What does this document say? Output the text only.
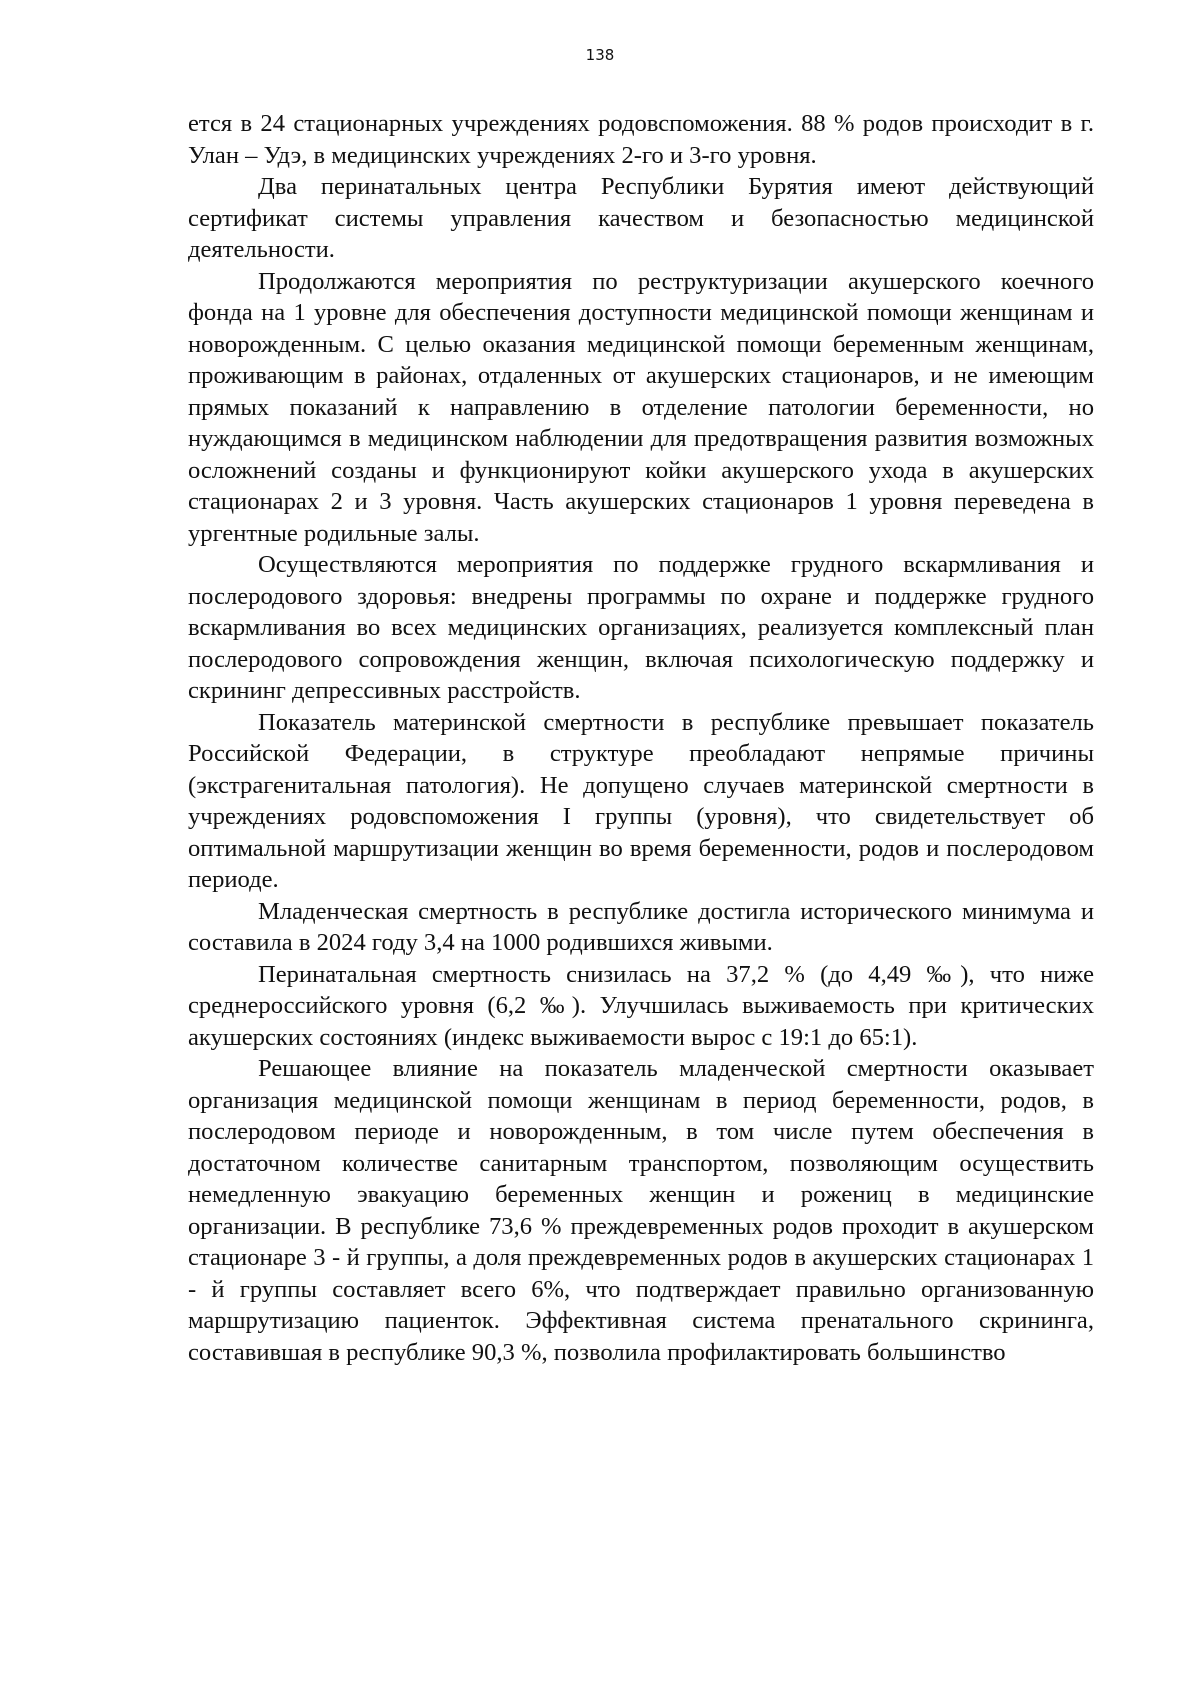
138

ется в 24 стационарных учреждениях родовспоможения. 88 % родов происходит в г. Улан – Удэ, в медицинских учреждениях 2-го и 3-го уровня.

Два перинатальных центра Республики Бурятия имеют действующий сертификат системы управления качеством и безопасностью медицинской деятельности.

Продолжаются мероприятия по реструктуризации акушерского коечного фонда на 1 уровне для обеспечения доступности медицинской помощи женщинам и новорожденным. С целью оказания медицинской помощи беременным женщинам, проживающим в районах, отдаленных от акушерских стационаров, и не имеющим прямых показаний к направлению в отделение патологии беременности, но нуждающимся в медицинском наблюдении для предотвращения развития возможных осложнений созданы и функционируют койки акушерского ухода в акушерских стационарах 2 и 3 уровня. Часть акушерских стационаров 1 уровня переведена в ургентные родильные залы.

Осуществляются мероприятия по поддержке грудного вскармливания и послеродового здоровья: внедрены программы по охране и поддержке грудного вскармливания во всех медицинских организациях, реализуется комплексный план послеродового сопровождения женщин, включая психологическую поддержку и скрининг депрессивных расстройств.

Показатель материнской смертности в республике превышает показатель Российской Федерации, в структуре преобладают непрямые причины (экстрагенитальная патология). Не допущено случаев материнской смертности в учреждениях родовспоможения I группы (уровня), что свидетельствует об оптимальной маршрутизации женщин во время беременности, родов и послеродовом периоде.

Младенческая смертность в республике достигла исторического минимума и составила в 2024 году 3,4 на 1000 родившихся живыми.

Перинатальная смертность снизилась на 37,2 % (до 4,49 ‰), что ниже среднероссийского уровня (6,2 ‰). Улучшилась выживаемость при критических акушерских состояниях (индекс выживаемости вырос с 19:1 до 65:1).

Решающее влияние на показатель младенческой смертности оказывает организация медицинской помощи женщинам в период беременности, родов, в послеродовом периоде и новорожденным, в том числе путем обеспечения в достаточном количестве санитарным транспортом, позволяющим осуществить немедленную эвакуацию беременных женщин и рожениц в медицинские организации. В республике 73,6 % преждевременных родов проходит в акушерском стационаре 3 - й группы, а доля преждевременных родов в акушерских стационарах 1 - й группы составляет всего 6%, что подтверждает правильно организованную маршрутизацию пациенток. Эффективная система пренатального скрининга, составившая в республике 90,3 %, позволила профилактировать большинство
